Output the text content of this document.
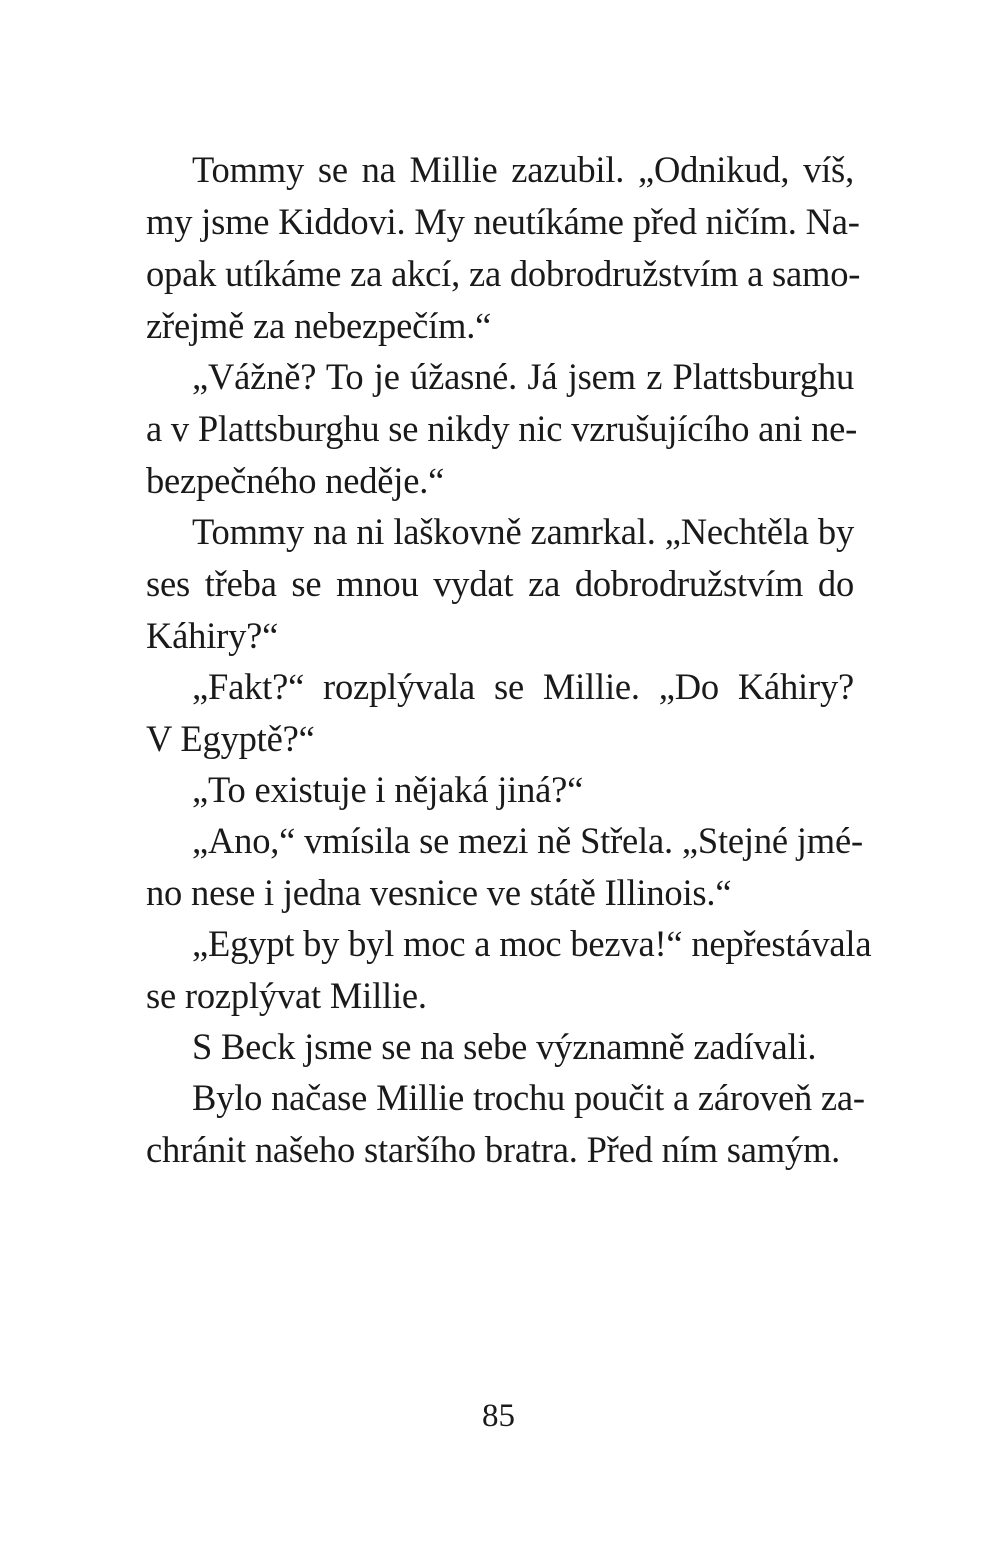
Tommy se na Millie zazubil. „Odnikud, víš,
my jsme Kiddovi. My neutíkáme před ničím. Na-
opak utíkáme za akcí, za dobrodružstvím a samo-
zřejmě za nebezpečím.“
„Vážně? To je úžasné. Já jsem z Plattsburghu
a v Plattsburghu se nikdy nic vzrušujícího ani ne-
bezpečného neděje.“
Tommy na ni laškovně zamrkal. „Nechtěla by
ses třeba se mnou vydat za dobrodružstvím do
Káhiry?“
„Fakt?“ rozplývala se Millie. „Do Káhiry?
V Egyptě?“
„To existuje i nějaká jiná?“
„Ano,“ vmísila se mezi ně Střela. „Stejné jmé-
no nese i jedna vesnice ve státě Illinois.“
„Egypt by byl moc a moc bezva!“ nepřestávala
se rozplývat Millie.
S Beck jsme se na sebe významně zadívali.
Bylo načase Millie trochu poučit a zároveň za-
chránit našeho staršího bratra. Před ním samým.
85
